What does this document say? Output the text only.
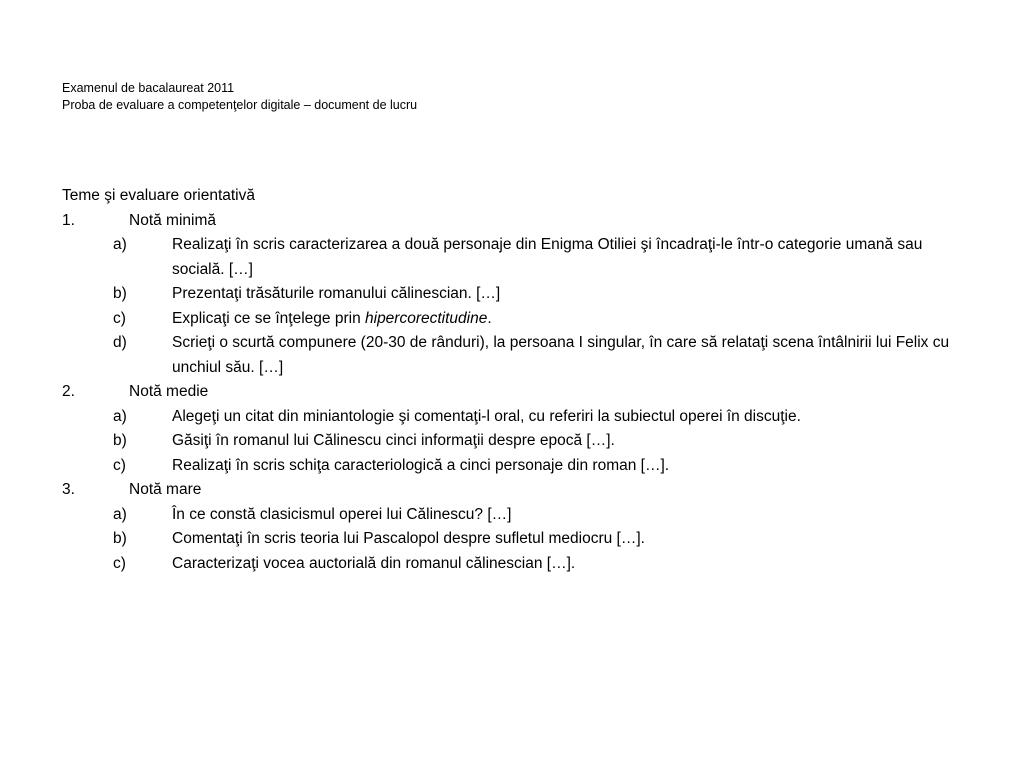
Examenul de bacalaureat 2011
Proba de evaluare a competenţelor digitale – document de lucru
Teme şi evaluare orientativă
1.	Notă minimă
a)	Realizaţi în scris caracterizarea a două personaje din Enigma Otiliei şi încadraţi-le într-o categorie umană sau socială. […]
b)	Prezentaţi trăsăturile romanului călinescian. […]
c)	Explicaţi ce se înţelege prin hipercorectitudine.
d)	Scrieţi o scurtă compunere (20-30 de rânduri), la persoana I singular, în care să relataţi scena întâlnirii lui Felix cu unchiul său. […]
2.	Notă medie
a)	Alegeţi un citat din miniantologie şi comentaţi-l oral, cu referiri la subiectul operei în discuţie.
b)	Găsiţi în romanul lui Călinescu cinci informaţii despre epocă […].
c)	Realizaţi în scris schiţa caracteriologică a cinci personaje din roman […].
3.	Notă mare
a)	În ce constă clasicismul operei lui Călinescu? […]
b)	Comentaţi în scris teoria lui Pascalopol despre sufletul mediocru […].
c)	Caracterizaţi vocea auctorială din romanul călinescian […].
